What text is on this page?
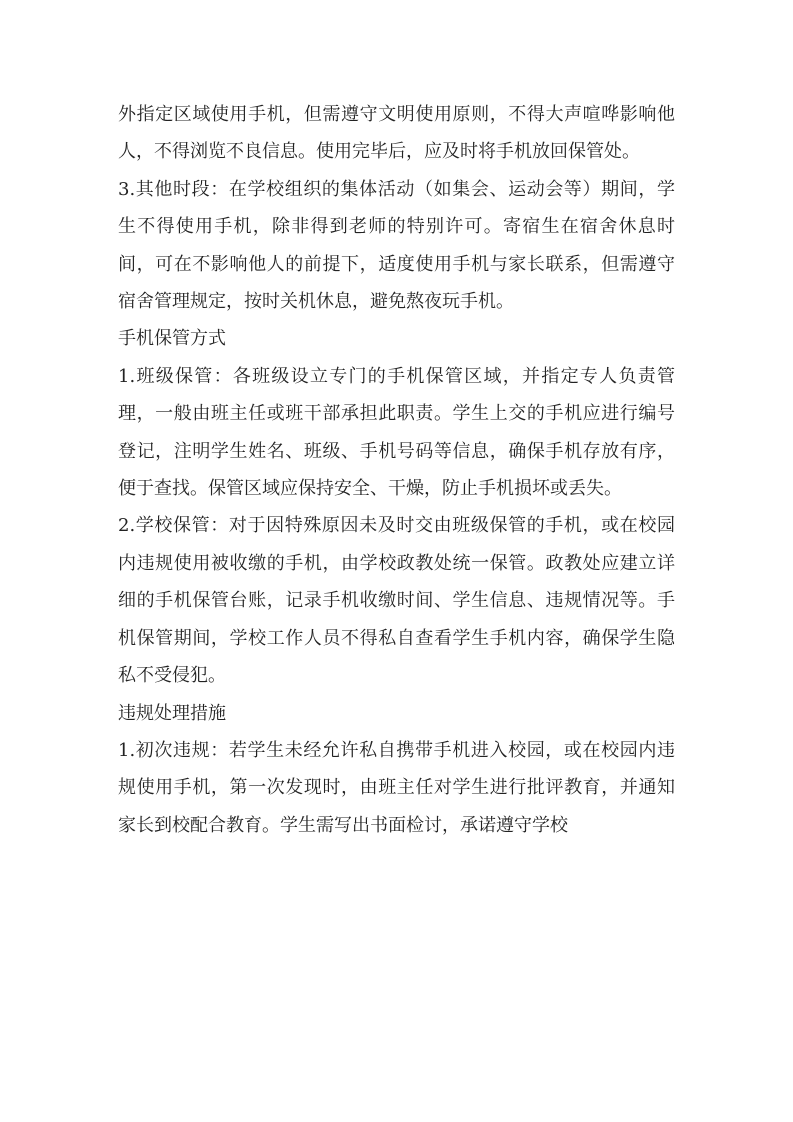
外指定区域使用手机，但需遵守文明使用原则，不得大声喧哗影响他人，不得浏览不良信息。使用完毕后，应及时将手机放回保管处。

3.其他时段：在学校组织的集体活动（如集会、运动会等）期间，学生不得使用手机，除非得到老师的特别许可。寄宿生在宿舍休息时间，可在不影响他人的前提下，适度使用手机与家长联系，但需遵守宿舍管理规定，按时关机休息，避免熬夜玩手机。

手机保管方式

1.班级保管：各班级设立专门的手机保管区域，并指定专人负责管理，一般由班主任或班干部承担此职责。学生上交的手机应进行编号登记，注明学生姓名、班级、手机号码等信息，确保手机存放有序，便于查找。保管区域应保持安全、干燥，防止手机损坏或丢失。

2.学校保管：对于因特殊原因未及时交由班级保管的手机，或在校园内违规使用被收缴的手机，由学校政教处统一保管。政教处应建立详细的手机保管台账，记录手机收缴时间、学生信息、违规情况等。手机保管期间，学校工作人员不得私自查看学生手机内容，确保学生隐私不受侵犯。

违规处理措施

1.初次违规：若学生未经允许私自携带手机进入校园，或在校园内违规使用手机，第一次发现时，由班主任对学生进行批评教育，并通知家长到校配合教育。学生需写出书面检讨，承诺遵守学校
